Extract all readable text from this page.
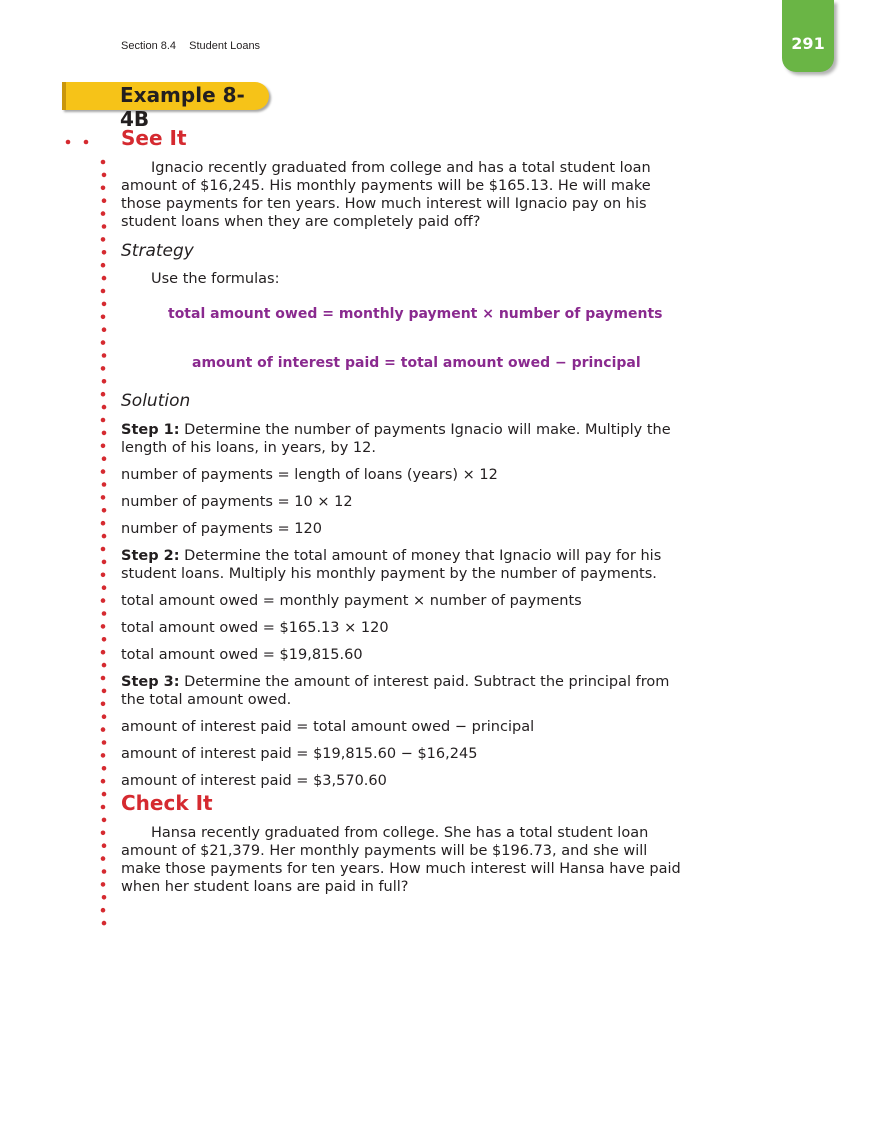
Section 8.4 Student Loans	291
Example 8-4B
See It

Ignacio recently graduated from college and has a total student loan amount of $16,245. His monthly payments will be $165.13. He will make those payments for ten years. How much interest will Ignacio pay on his student loans when they are completely paid off?

Strategy

Use the formulas:

total amount owed = monthly payment × number of payments

amount of interest paid = total amount owed − principal

Solution

Step 1: Determine the number of payments Ignacio will make. Multiply the length of his loans, in years, by 12.

number of payments = length of loans (years) × 12

number of payments = 10 × 12

number of payments = 120

Step 2: Determine the total amount of money that Ignacio will pay for his student loans. Multiply his monthly payment by the number of payments.

total amount owed = monthly payment × number of payments

total amount owed = $165.13 × 120

total amount owed = $19,815.60

Step 3: Determine the amount of interest paid. Subtract the principal from the total amount owed.

amount of interest paid = total amount owed − principal

amount of interest paid = $19,815.60 − $16,245

amount of interest paid = $3,570.60

Check It

Hansa recently graduated from college. She has a total student loan amount of $21,379. Her monthly payments will be $196.73, and she will make those payments for ten years. How much interest will Hansa have paid when her student loans are paid in full?
